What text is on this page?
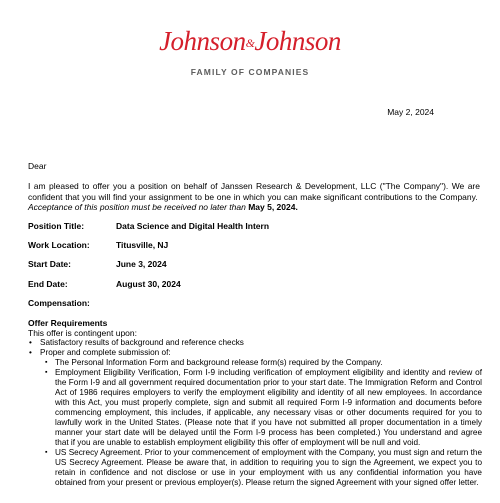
Johnson&Johnson
FAMILY OF COMPANIES
May 2, 2024
Dear
I am pleased to offer you a position on behalf of Janssen Research & Development, LLC ("The Company"). We are confident that you will find your assignment to be one in which you can make significant contributions to the Company.  Acceptance of this position must be received no later than May 5, 2024.
Position Title:	Data Science and Digital Health Intern
Work Location:	Titusville, NJ
Start Date:	June 3, 2024
End Date:	August 30, 2024
Compensation:
Offer Requirements
This offer is contingent upon:
• Satisfactory results of background and reference checks
• Proper and complete submission of:
▪ The Personal Information Form and background release form(s) required by the Company.
▪ Employment Eligibility Verification, Form I-9 including verification of employment eligibility and identity and review of the Form I-9 and all government required documentation prior to your start date. The Immigration Reform and Control Act of 1986 requires employers to verify the employment eligibility and identity of all new employees. In accordance with this Act, you must properly complete, sign and submit all required Form I-9 information and documents before commencing employment, this includes, if applicable, any necessary visas or other documents required for you to lawfully work in the United States. (Please note that if you have not submitted all proper documentation in a timely manner your start date will be delayed until the Form I-9 process has been completed.) You understand and agree that if you are unable to establish employment eligibility this offer of employment will be null and void.
▪ US Secrecy Agreement. Prior to your commencement of employment with the Company, you must sign and return the US Secrecy Agreement. Please be aware that, in addition to requiring you to sign the Agreement, we expect you to retain in confidence and not disclose or use in your employment with us any confidential information you have obtained from your present or previous employer(s). Please return the signed Agreement with your signed offer letter.
